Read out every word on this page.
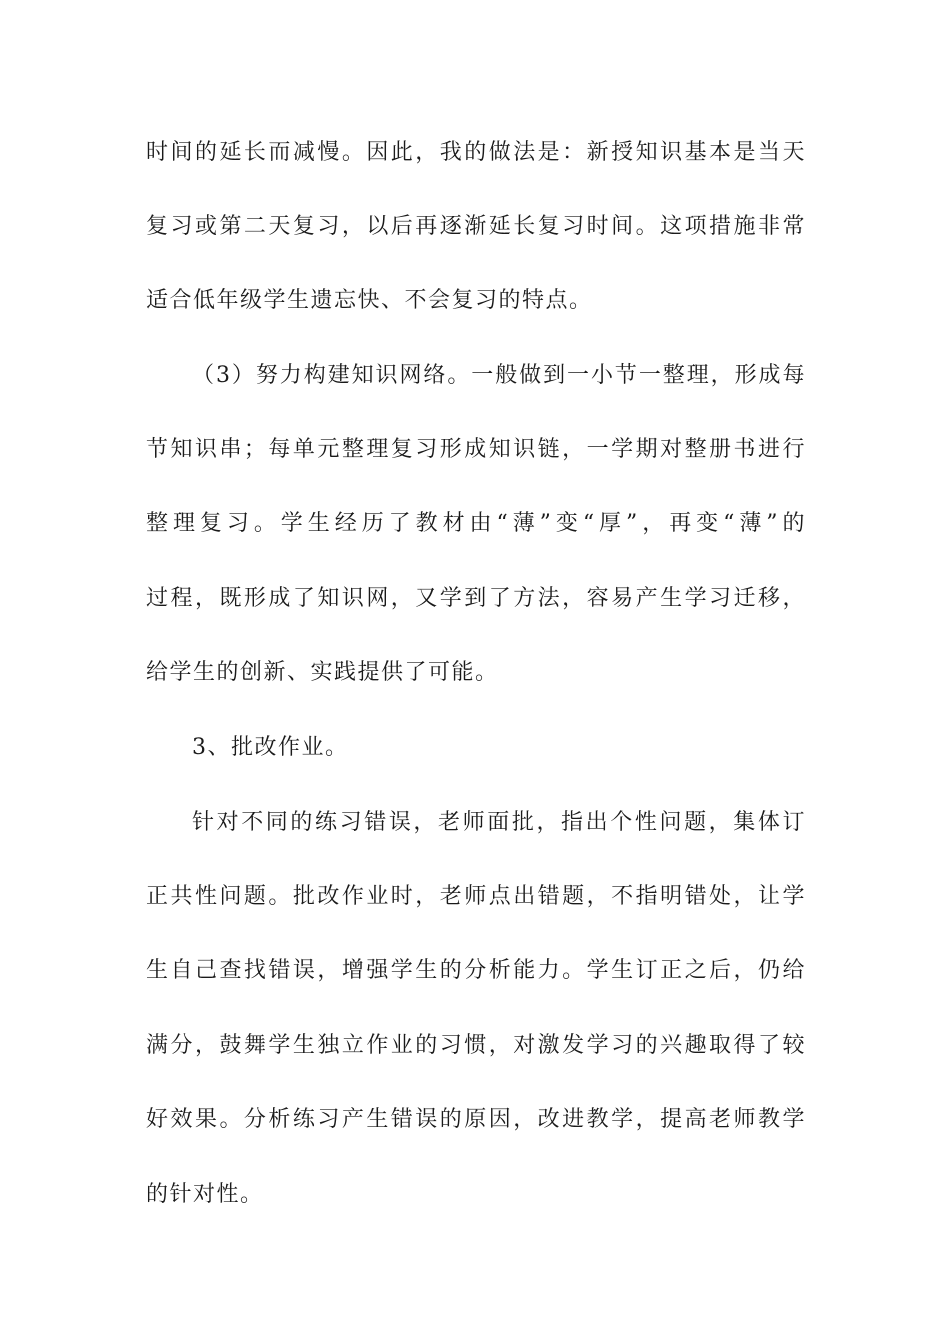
时间的延长而减慢。因此，我的做法是：新授知识基本是当天
复习或第二天复习，以后再逐渐延长复习时间。这项措施非常
适合低年级学生遗忘快、不会复习的特点。
（3）努力构建知识网络。一般做到一小节一整理，形成每
节知识串；每单元整理复习形成知识链，一学期对整册书进行
整理复习。学生经历了教材由“薄”变“厚”，再变“薄”的
过程，既形成了知识网，又学到了方法，容易产生学习迁移，
给学生的创新、实践提供了可能。
3、批改作业。
针对不同的练习错误，老师面批，指出个性问题，集体订
正共性问题。批改作业时，老师点出错题，不指明错处，让学
生自己查找错误，增强学生的分析能力。学生订正之后，仍给
满分，鼓舞学生独立作业的习惯，对激发学习的兴趣取得了较
好效果。分析练习产生错误的原因，改进教学，提高老师教学
的针对性。
